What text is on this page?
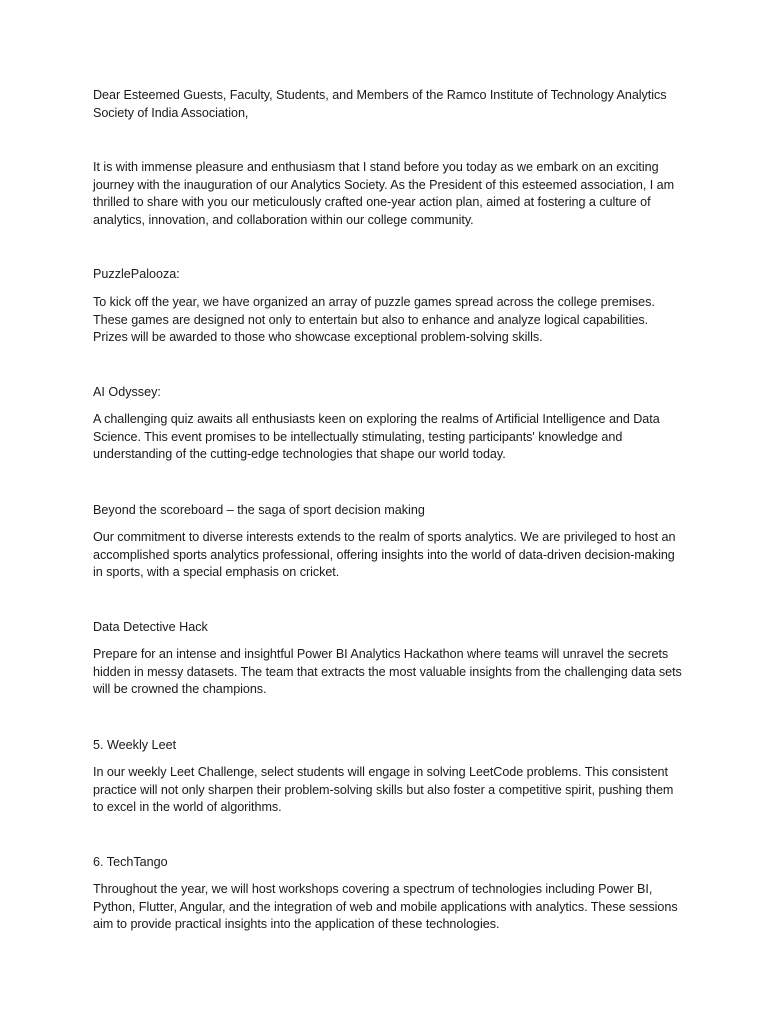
Dear Esteemed Guests, Faculty, Students, and Members of the Ramco Institute of Technology Analytics Society of India Association,

It is with immense pleasure and enthusiasm that I stand before you today as we embark on an exciting journey with the inauguration of our Analytics Society. As the President of this esteemed association, I am thrilled to share with you our meticulously crafted one-year action plan, aimed at fostering a culture of analytics, innovation, and collaboration within our college community.

PuzzlePalooza:

To kick off the year, we have organized an array of puzzle games spread across the college premises. These games are designed not only to entertain but also to enhance and analyze logical capabilities. Prizes will be awarded to those who showcase exceptional problem-solving skills.

AI Odyssey:

A challenging quiz awaits all enthusiasts keen on exploring the realms of Artificial Intelligence and Data Science. This event promises to be intellectually stimulating, testing participants' knowledge and understanding of the cutting-edge technologies that shape our world today.

Beyond the scoreboard – the saga of sport decision making

Our commitment to diverse interests extends to the realm of sports analytics. We are privileged to host an accomplished sports analytics professional, offering insights into the world of data-driven decision-making in sports, with a special emphasis on cricket.

Data Detective Hack

Prepare for an intense and insightful Power BI Analytics Hackathon where teams will unravel the secrets hidden in messy datasets. The team that extracts the most valuable insights from the challenging data sets will be crowned the champions.

5. Weekly Leet

In our weekly Leet Challenge, select students will engage in solving LeetCode problems. This consistent practice will not only sharpen their problem-solving skills but also foster a competitive spirit, pushing them to excel in the world of algorithms.

6. TechTango

Throughout the year, we will host workshops covering a spectrum of technologies including Power BI, Python, Flutter, Angular, and the integration of web and mobile applications with analytics. These sessions aim to provide practical insights into the application of these technologies.
